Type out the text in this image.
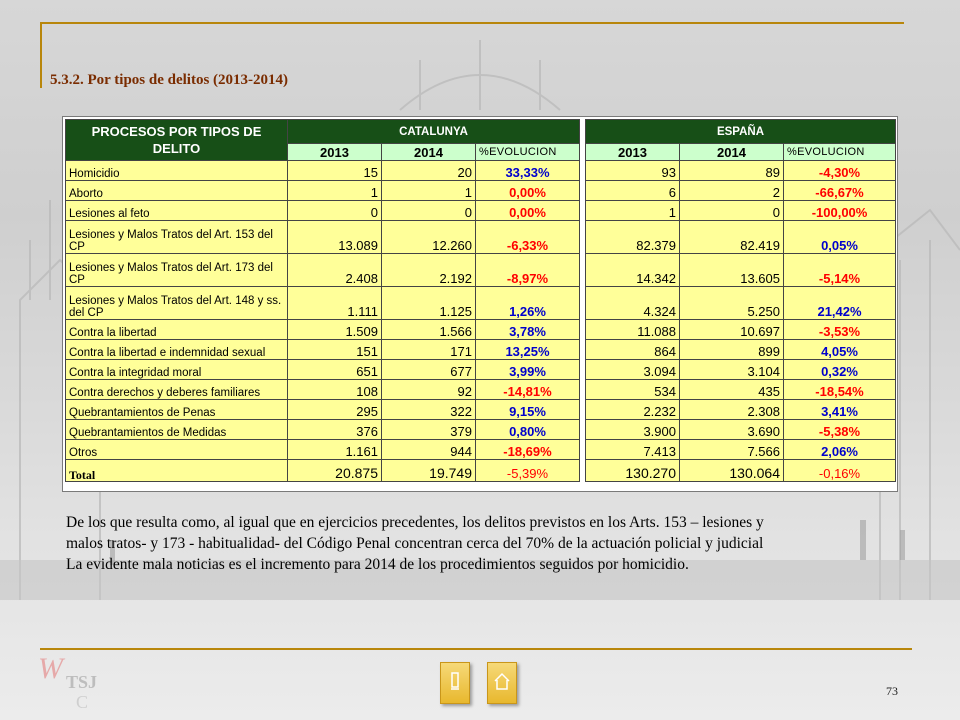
5.3.2. Por tipos de delitos (2013-2014)
PROCESOS POR TIPOS DE DELITO	CATALUNYA				ESPAÑA		
	2013	2014	%EVOLUCION		2013	2014	%EVOLUCION
Homicidio	15	20	33,33%		93	89	-4,30%
Aborto	1	1	0,00%		6	2	-66,67%
Lesiones al feto	0	0	0,00%		1	0	-100,00%
Lesiones y Malos Tratos del Art. 153 del CP	13.089	12.260	-6,33%		82.379	82.419	0,05%
Lesiones y Malos Tratos del Art. 173 del CP	2.408	2.192	-8,97%		14.342	13.605	-5,14%
Lesiones y Malos Tratos del Art. 148 y ss. del CP	1.111	1.125	1,26%		4.324	5.250	21,42%
Contra la libertad	1.509	1.566	3,78%		11.088	10.697	-3,53%
Contra la libertad e indemnidad sexual	151	171	13,25%		864	899	4,05%
Contra la integridad moral	651	677	3,99%		3.094	3.104	0,32%
Contra derechos y deberes familiares	108	92	-14,81%		534	435	-18,54%
Quebrantamientos de Penas	295	322	9,15%		2.232	2.308	3,41%
Quebrantamientos de Medidas	376	379	0,80%		3.900	3.690	-5,38%
Otros	1.161	944	-18,69%		7.413	7.566	2,06%
Total	20.875	19.749	-5,39%		130.270	130.064	-0,16%

De los que resulta como, al igual que en ejercicios precedentes, los delitos previstos en los Arts. 153 – lesiones y

malos tratos- y 173 - habitualidad- del Código Penal concentran cerca del 70% de la actuación policial y judicial

La evidente mala noticias es el incremento para 2014 de los procedimientos seguidos por homicidio.

W TSJ
C
73
